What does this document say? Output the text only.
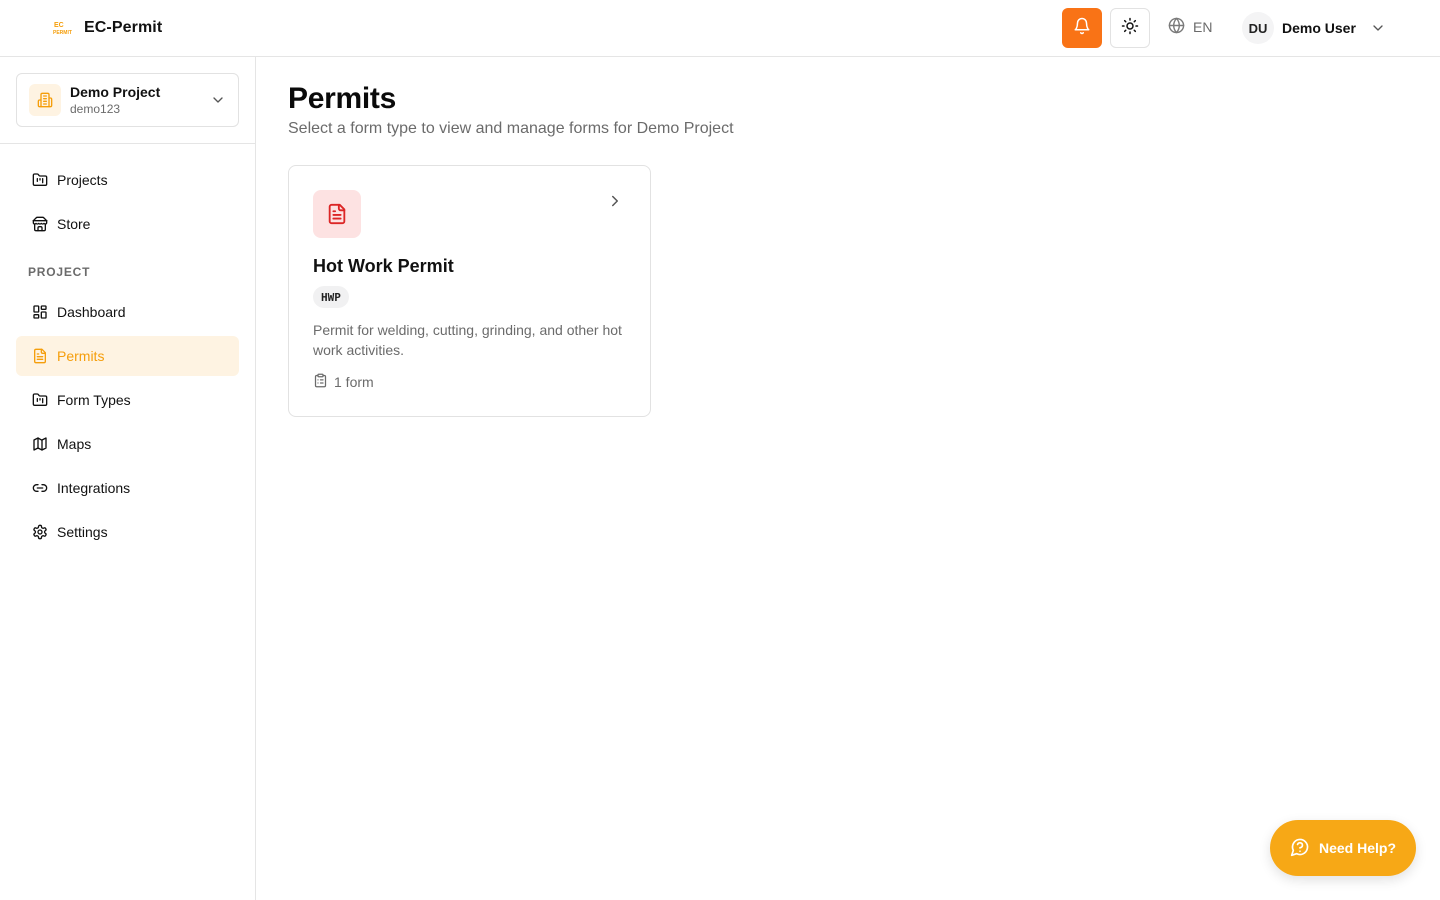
EC
PERMIT EC-Permit	EN	DU	Demo User
Demo Project
demo123
Projects
Store
PROJECT
Dashboard
Permits
Form Types
Maps
Integrations
Settings
Permits

Select a form type to view and manage forms for Demo Project

Hot Work Permit
HWP

Permit for welding, cutting, grinding, and other hot work activities.

1 form
Need Help?
